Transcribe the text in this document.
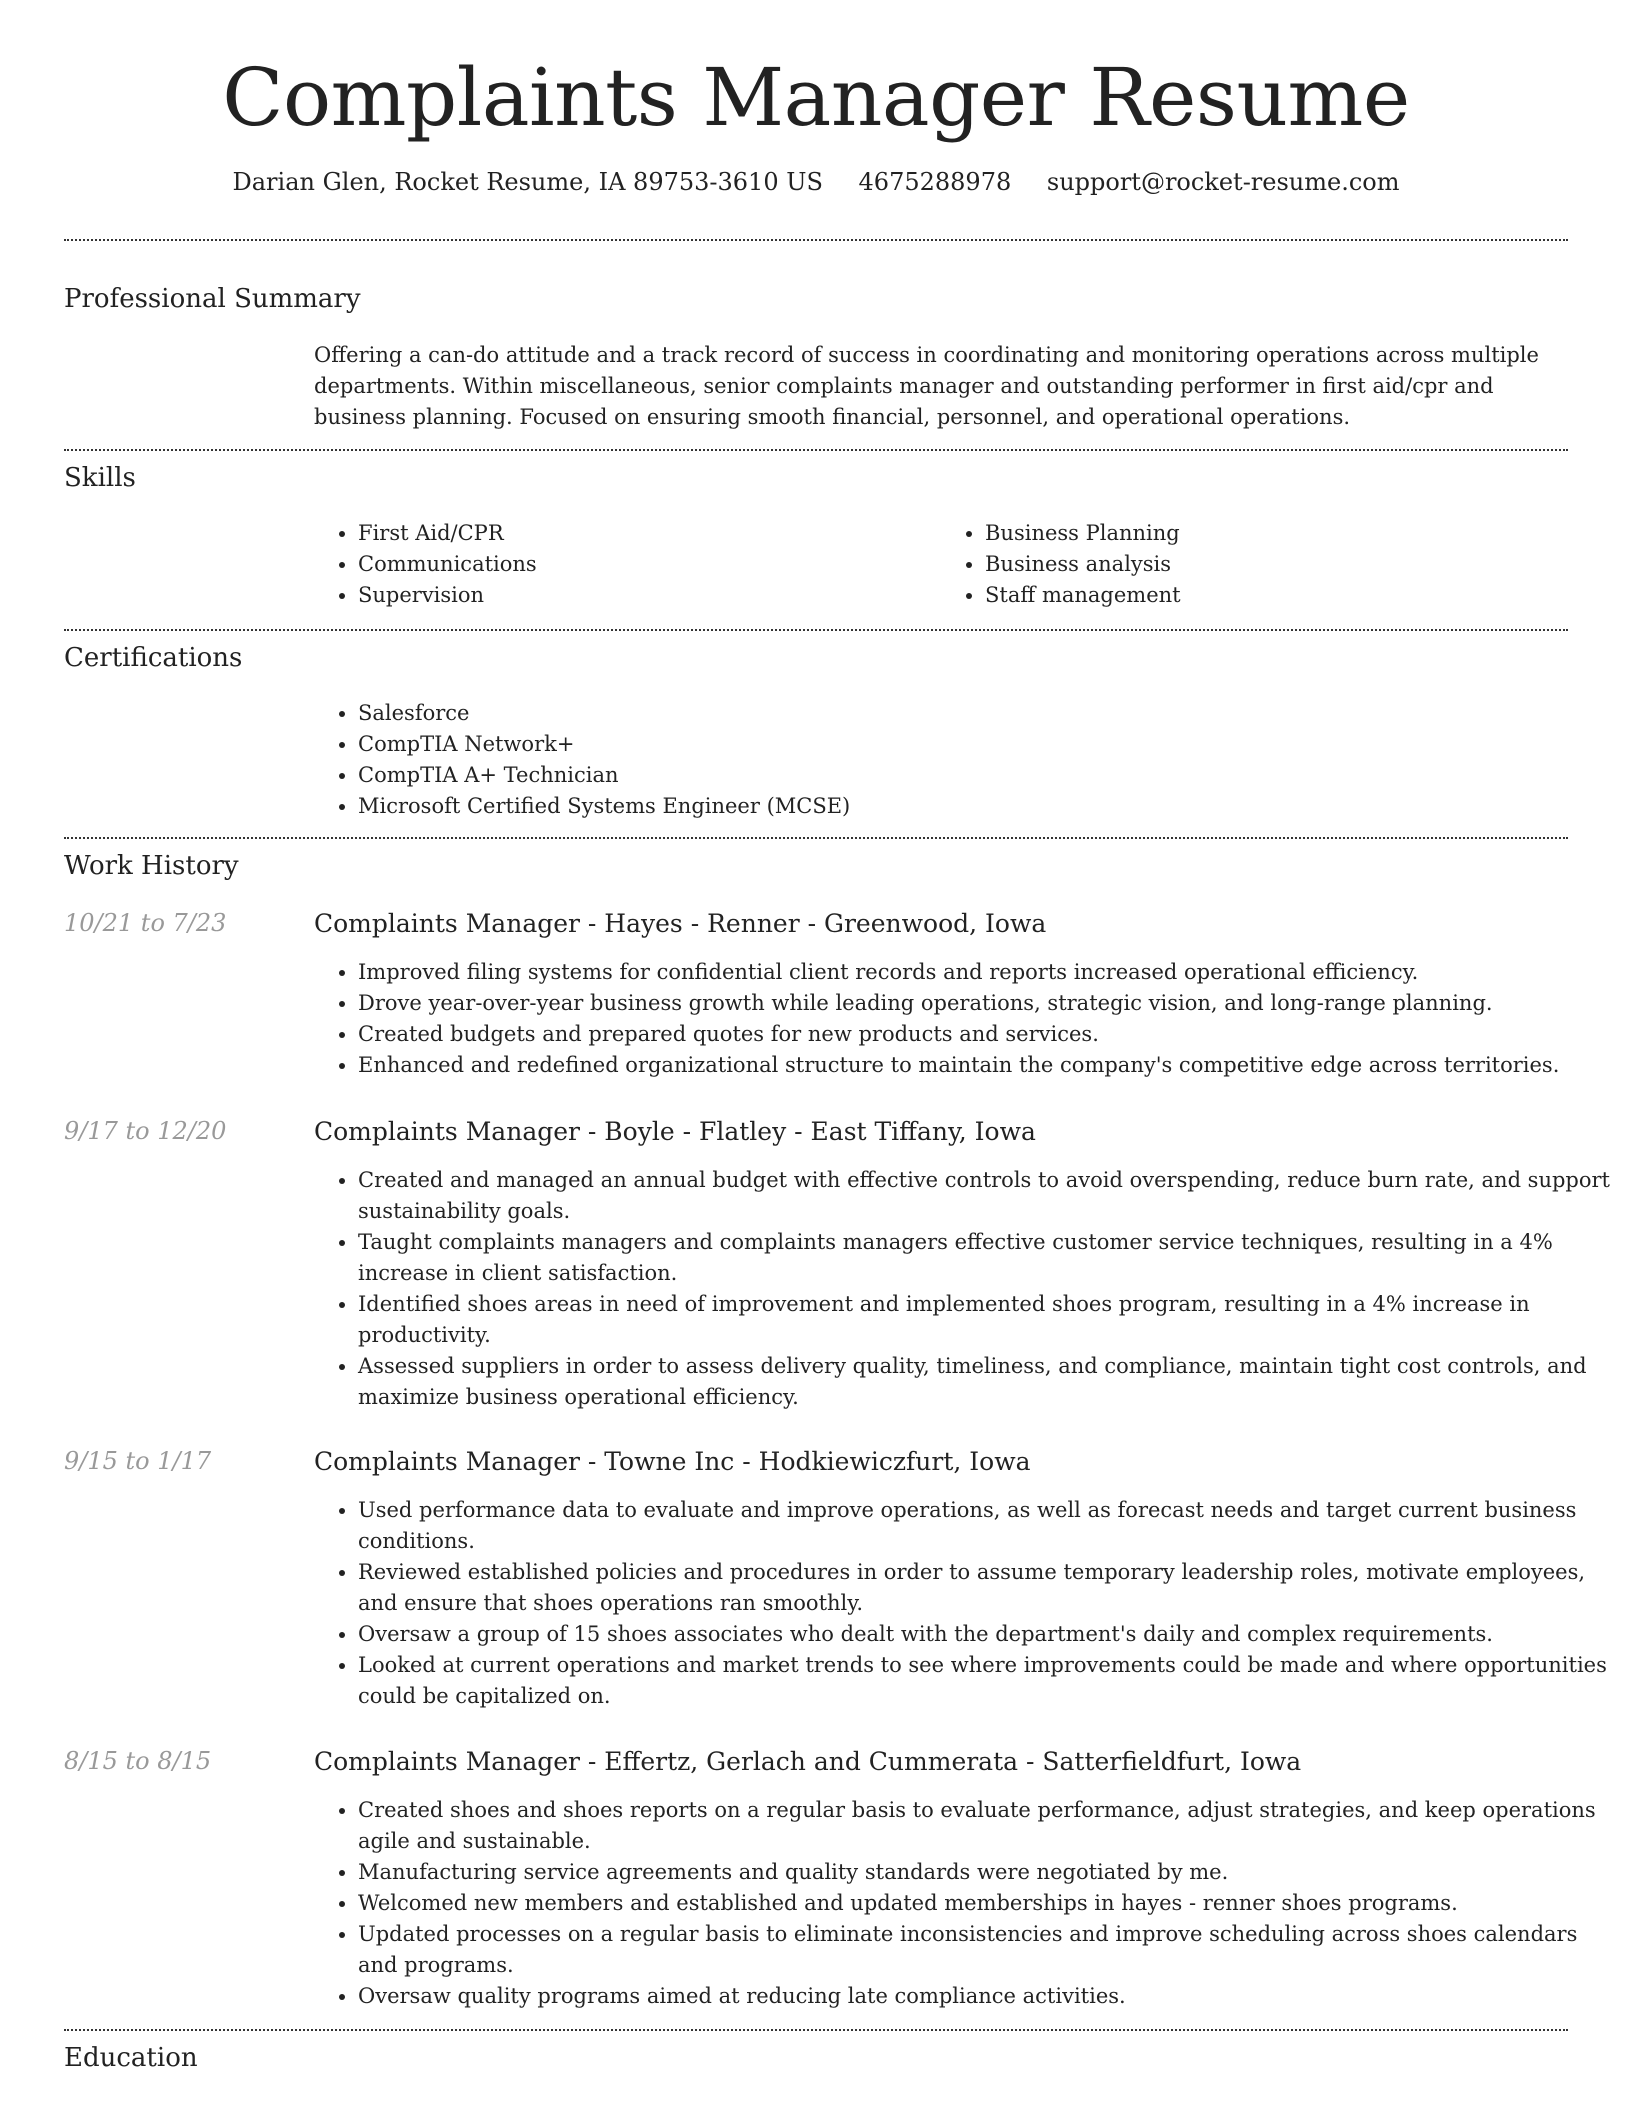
Complaints Manager Resume
Darian Glen, Rocket Resume, IA 89753-3610 US 4675288978 support@rocket-resume.com
Professional Summary
Offering a can-do attitude and a track record of success in coordinating and monitoring operations across multiple departments. Within miscellaneous, senior complaints manager and outstanding performer in first aid/cpr and business planning. Focused on ensuring smooth financial, personnel, and operational operations.
Skills
• First Aid/CPR
• Communications
• Supervision
• Business Planning
• Business analysis
• Staff management
Certifications
• Salesforce
• CompTIA Network+
• CompTIA A+ Technician
• Microsoft Certified Systems Engineer (MCSE)
Work History
10/21 to 7/23	Complaints Manager - Hayes - Renner - Greenwood, Iowa
• Improved filing systems for confidential client records and reports increased operational efficiency.
• Drove year-over-year business growth while leading operations, strategic vision, and long-range planning.
• Created budgets and prepared quotes for new products and services.
• Enhanced and redefined organizational structure to maintain the company's competitive edge across territories.
9/17 to 12/20	Complaints Manager - Boyle - Flatley - East Tiffany, Iowa
• Created and managed an annual budget with effective controls to avoid overspending, reduce burn rate, and support sustainability goals.
• Taught complaints managers and complaints managers effective customer service techniques, resulting in a 4% increase in client satisfaction.
• Identified shoes areas in need of improvement and implemented shoes program, resulting in a 4% increase in productivity.
• Assessed suppliers in order to assess delivery quality, timeliness, and compliance, maintain tight cost controls, and maximize business operational efficiency.
9/15 to 1/17	Complaints Manager - Towne Inc - Hodkiewiczfurt, Iowa
• Used performance data to evaluate and improve operations, as well as forecast needs and target current business conditions.
• Reviewed established policies and procedures in order to assume temporary leadership roles, motivate employees, and ensure that shoes operations ran smoothly.
• Oversaw a group of 15 shoes associates who dealt with the department's daily and complex requirements.
• Looked at current operations and market trends to see where improvements could be made and where opportunities could be capitalized on.
8/15 to 8/15	Complaints Manager - Effertz, Gerlach and Cummerata - Satterfieldfurt, Iowa
• Created shoes and shoes reports on a regular basis to evaluate performance, adjust strategies, and keep operations agile and sustainable.
• Manufacturing service agreements and quality standards were negotiated by me.
• Welcomed new members and established and updated memberships in hayes - renner shoes programs.
• Updated processes on a regular basis to eliminate inconsistencies and improve scheduling across shoes calendars and programs.
• Oversaw quality programs aimed at reducing late compliance activities.
Education
